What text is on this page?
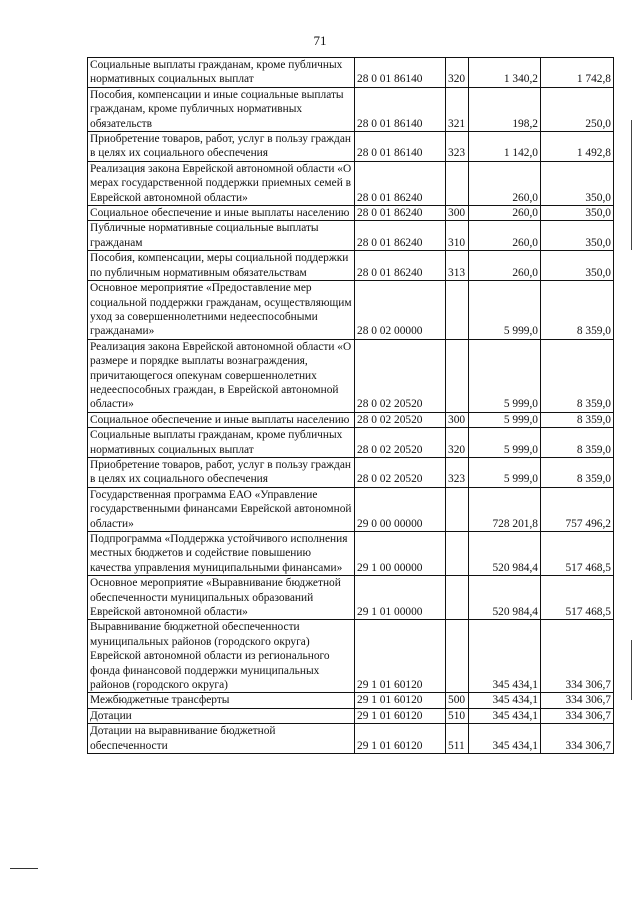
71
Социальные выплаты гражданам, кроме публичных нормативных социальных выплат	28 0 01 86140	320	1 340,2	1 742,8
Пособия, компенсации и иные социальные выплаты гражданам, кроме публичных нормативных обязательств	28 0 01 86140	321	198,2	250,0
Приобретение товаров, работ, услуг в пользу граждан в целях их социального обеспечения	28 0 01 86140	323	1 142,0	1 492,8
Реализация закона Еврейской автономной области «О мерах государственной поддержки приемных семей в Еврейской автономной области»	28 0 01 86240		260,0	350,0
Социальное обеспечение и иные выплаты населению	28 0 01 86240	300	260,0	350,0
Публичные нормативные социальные выплаты гражданам	28 0 01 86240	310	260,0	350,0
Пособия, компенсации, меры социальной поддержки по публичным нормативным обязательствам	28 0 01 86240	313	260,0	350,0
Основное мероприятие «Предоставление мер социальной поддержки гражданам, осуществляющим уход за совершеннолетними недееспособными гражданами»	28 0 02 00000		5 999,0	8 359,0
Реализация закона Еврейской автономной области «О размере и порядке выплаты вознаграждения, причитающегося опекунам совершеннолетних недееспособных граждан, в Еврейской автономной области»	28 0 02 20520		5 999,0	8 359,0
Социальное обеспечение и иные выплаты населению	28 0 02 20520	300	5 999,0	8 359,0
Социальные выплаты гражданам, кроме публичных нормативных социальных выплат	28 0 02 20520	320	5 999,0	8 359,0
Приобретение товаров, работ, услуг в пользу граждан в целях их социального обеспечения	28 0 02 20520	323	5 999,0	8 359,0
Государственная программа ЕАО «Управление государственными финансами Еврейской автономной области»	29 0 00 00000		728 201,8	757 496,2
Подпрограмма «Поддержка устойчивого исполнения местных бюджетов и содействие повышению качества управления муниципальными финансами»	29 1 00 00000		520 984,4	517 468,5
Основное мероприятие «Выравнивание бюджетной обеспеченности муниципальных образований Еврейской автономной области»	29 1 01 00000		520 984,4	517 468,5
Выравнивание бюджетной обеспеченности муниципальных районов (городского округа) Еврейской автономной области из регионального фонда финансовой поддержки муниципальных районов (городского округа)	29 1 01 60120		345 434,1	334 306,7
Межбюджетные трансферты	29 1 01 60120	500	345 434,1	334 306,7
Дотации	29 1 01 60120	510	345 434,1	334 306,7
Дотации на выравнивание бюджетной обеспеченности	29 1 01 60120	511	345 434,1	334 306,7
